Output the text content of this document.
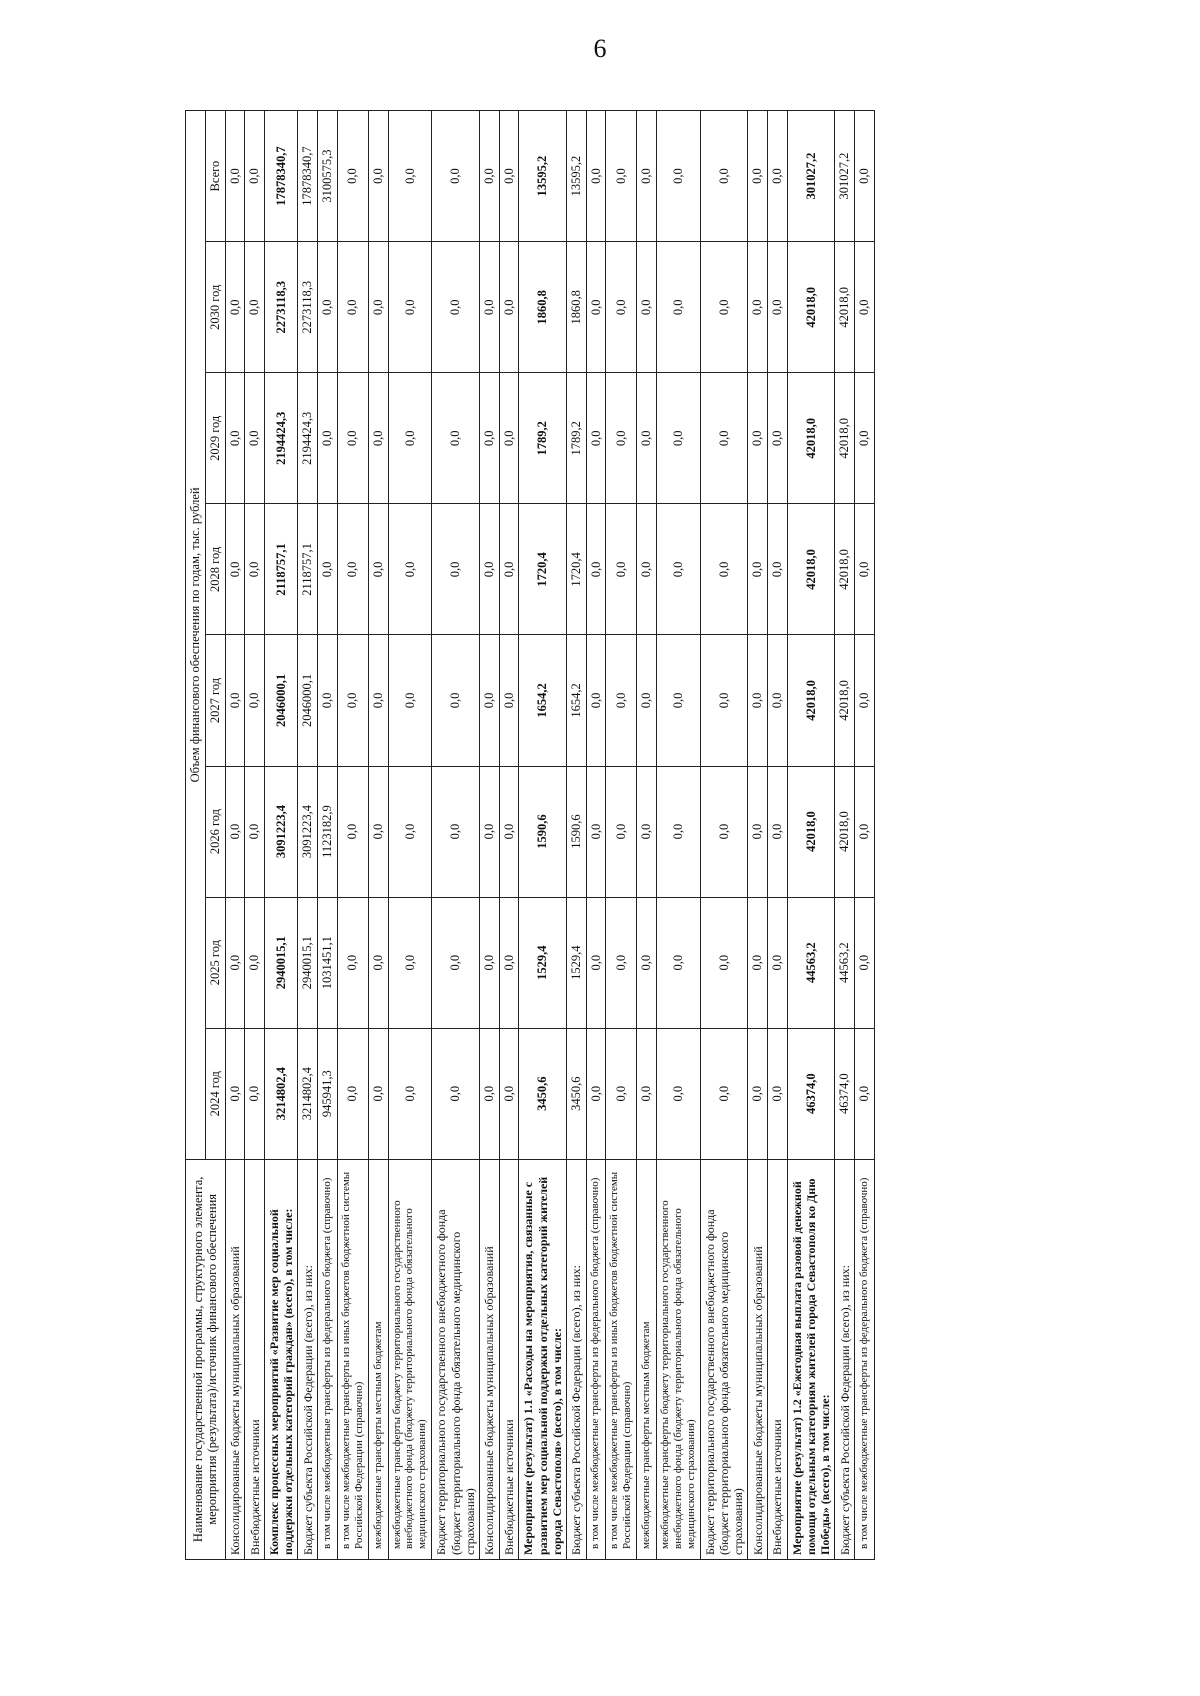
6
Наименование государственной программы, структурного элемента, мероприятия (результата)/источник финансового обеспечения	Объем финансового обеспечения по годам, тыс. рублей							
	2024 год	2025 год	2026 год	2027 год	2028 год	2029 год	2030 год	Всего
Консолидированные бюджеты муниципальных образований	0,0	0,0	0,0	0,0	0,0	0,0	0,0	0,0
Внебюджетные источники	0,0	0,0	0,0	0,0	0,0	0,0	0,0	0,0
Комплекс процессных мероприятий «Развитие мер социальной поддержки отдельных категорий граждан» (всего), в том числе:	3214802,4	2940015,1	3091223,4	2046000,1	2118757,1	2194424,3	2273118,3	17878340,7
Бюджет субъекта Российской Федерации (всего), из них:	3214802,4	2940015,1	3091223,4	2046000,1	2118757,1	2194424,3	2273118,3	17878340,7
в том числе межбюджетные трансферты из федерального бюджета (справочно)	945941,3	1031451,1	1123182,9	0,0	0,0	0,0	0,0	3100575,3
в том числе межбюджетные трансферты из иных бюджетов бюджетной системы Российской Федерации (справочно)	0,0	0,0	0,0	0,0	0,0	0,0	0,0	0,0
межбюджетные трансферты местным бюджетам	0,0	0,0	0,0	0,0	0,0	0,0	0,0	0,0
межбюджетные трансферты бюджету территориального государственного внебюджетного фонда (бюджету территориального фонда обязательного медицинского страхования)	0,0	0,0	0,0	0,0	0,0	0,0	0,0	0,0
Бюджет территориального государственного внебюджетного фонда (бюджет территориального фонда обязательного медицинского страхования)	0,0	0,0	0,0	0,0	0,0	0,0	0,0	0,0
Консолидированные бюджеты муниципальных образований	0,0	0,0	0,0	0,0	0,0	0,0	0,0	0,0
Внебюджетные источники	0,0	0,0	0,0	0,0	0,0	0,0	0,0	0,0
Мероприятие (результат) 1.1 «Расходы на мероприятия, связанные с развитием мер социальной поддержки отдельных категорий жителей города Севастополя» (всего), в том числе:	3450,6	1529,4	1590,6	1654,2	1720,4	1789,2	1860,8	13595,2
Бюджет субъекта Российской Федерации (всего), из них:	3450,6	1529,4	1590,6	1654,2	1720,4	1789,2	1860,8	13595,2
в том числе межбюджетные трансферты из федерального бюджета (справочно)	0,0	0,0	0,0	0,0	0,0	0,0	0,0	0,0
в том числе межбюджетные трансферты из иных бюджетов бюджетной системы Российской Федерации (справочно)	0,0	0,0	0,0	0,0	0,0	0,0	0,0	0,0
межбюджетные трансферты местным бюджетам	0,0	0,0	0,0	0,0	0,0	0,0	0,0	0,0
межбюджетные трансферты бюджету территориального государственного внебюджетного фонда (бюджету территориального фонда обязательного медицинского страхования)	0,0	0,0	0,0	0,0	0,0	0,0	0,0	0,0
Бюджет территориального государственного внебюджетного фонда (бюджет территориального фонда обязательного медицинского страхования)	0,0	0,0	0,0	0,0	0,0	0,0	0,0	0,0
Консолидированные бюджеты муниципальных образований	0,0	0,0	0,0	0,0	0,0	0,0	0,0	0,0
Внебюджетные источники	0,0	0,0	0,0	0,0	0,0	0,0	0,0	0,0
Мероприятие (результат) 1.2 «Ежегодная выплата разовой денежной помощи отдельным категориям жителей города Севастополя ко Дню Победы» (всего), в том числе:	46374,0	44563,2	42018,0	42018,0	42018,0	42018,0	42018,0	301027,2
Бюджет субъекта Российской Федерации (всего), из них:	46374,0	44563,2	42018,0	42018,0	42018,0	42018,0	42018,0	301027,2
в том числе межбюджетные трансферты из федерального бюджета (справочно)	0,0	0,0	0,0	0,0	0,0	0,0	0,0	0,0
